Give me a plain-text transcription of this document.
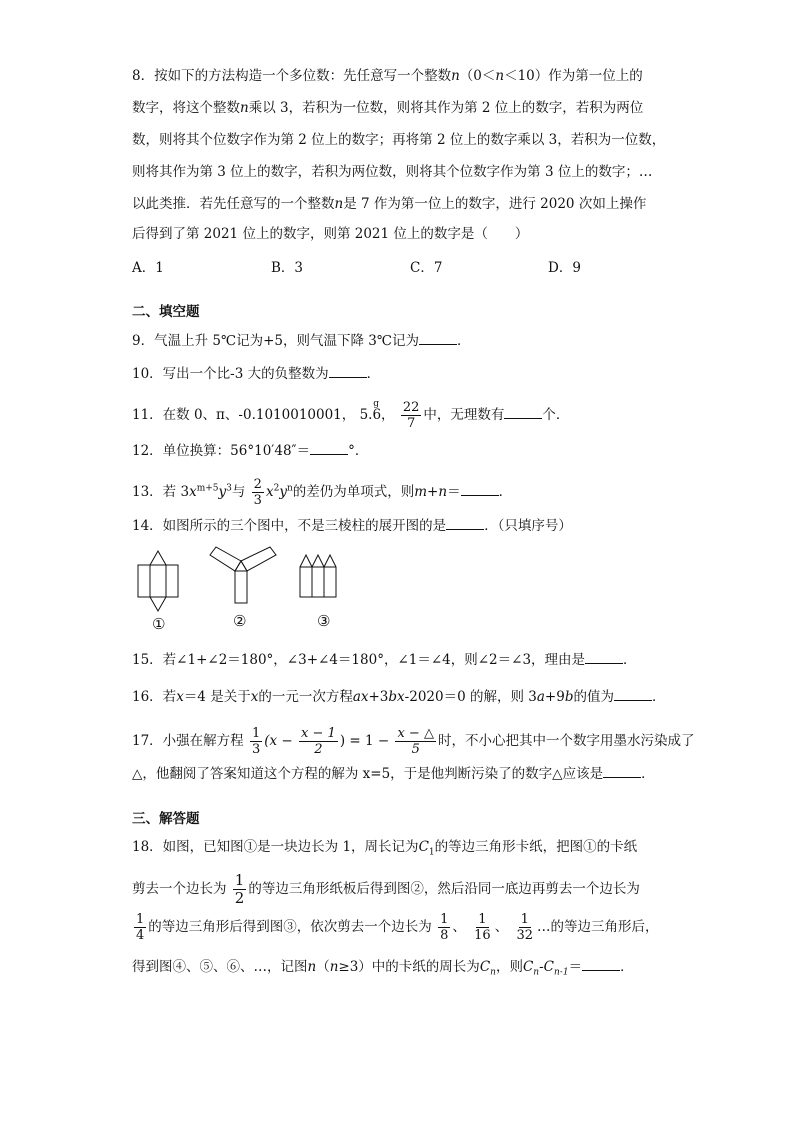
8．按如下的方法构造一个多位数：先任意写一个整数n（0＜n＜10）作为第一位上的
数字，将这个整数n乘以 3，若积为一位数，则将其作为第 2 位上的数字，若积为两位
数，则将其个位数字作为第 2 位上的数字；再将第 2 位上的数字乘以 3，若积为一位数，
则将其作为第 3 位上的数字，若积为两位数，则将其个位数字作为第 3 位上的数字；…
以此类推．若先任意写的一个整数n是 7 作为第一位上的数字，进行 2020 次如上操作
后得到了第 2021 位上的数字，则第 2021 位上的数字是（　　）
A．1	B．3	C．7	D．9
二、填空题
9．气温上升 5℃记为+5，则气温下降 3℃记为	．
10．写出一个比-3 大的负整数为	．
11．在数 0、π、-0.1010010001，
g
5.6， $\frac{22}{7}$ 中，无理数有	个．
12．单位换算：56°10′48″＝	°．
13．若 $3x^{m+5}y^3$与 $\frac{2}{3} x^2y^n$的差仍为单项式，则m+n＝	．
14．如图所示的三个图中，不是三棱柱的展开图的是	．（只填序号）
①	②	③
15．若∠1+∠2＝180°，∠3+∠4＝180°，∠1＝∠4，则∠2＝∠3，理由是	．
16．若x＝4 是关于x的一元一次方程ax+3bx-2020＝0 的解，则 3a+9b的值为	．
17．小强在解方程 $\frac{1}{3} (x - \frac{x - 1}{2}$ ) = $1 - \frac{x - \triangle}{5}$ 时，不小心把其中一个数字用墨水污染成了
△，他翻阅了答案知道这个方程的解为 x=5，于是他判断污染了的数字△应该是	．
三、解答题
18．如图，已知图①是一块边长为 1，周长记为$C_1$的等边三角形卡纸，把图①的卡纸
剪去一个边长为 $\frac{1}{2}$ 的等边三角形纸板后得到图②，然后沿同一底边再剪去一个边长为
$\frac{1}{4}$ 的等边三角形后得到图③，依次剪去一个边长为 $\frac{1}{8}$ 、 $\frac{1}{16}$ 、 $\frac{1}{32}$ …的等边三角形后，
得到图④、⑤、⑥、…，记图n（n≥3）中的卡纸的周长为$C_n$，则$C_n-C_{n-1}=$	．
